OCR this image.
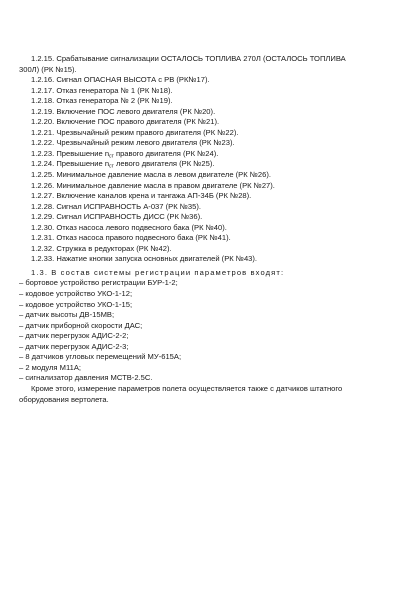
1.2.15. Срабатывание сигнализации ОСТАЛОСЬ ТОПЛИВА 270Л (ОСТАЛОСЬ ТОПЛИВА
300Л) (РК №15).
1.2.16. Сигнал ОПАСНАЯ ВЫСОТА с РВ (РК№17).
1.2.17. Отказ генератора № 1 (РК №18).
1.2.18. Отказ генератора № 2 (РК №19).
1.2.19. Включение ПОС левого двигателя (РК №20).
1.2.20. Включение ПОС правого двигателя (РК №21).
1.2.21. Чрезвычайный режим правого двигателя (РК №22).
1.2.22. Чрезвычайный режим левого двигателя (РК №23).
1.2.23. Превышение $n_{ст}$ правого двигателя (РК №24).
1.2.24. Превышение $n_{ст}$ левого двигателя (РК №25).
1.2.25. Минимальное давление масла в левом двигателе (РК №26).
1.2.26. Минимальное давление масла в правом двигателе (РК №27).
1.2.27. Включение каналов крена и тангажа АП-34Б (РК №28).
1.2.28. Сигнал ИСПРАВНОСТЬ А-037 (РК №35).
1.2.29. Сигнал ИСПРАВНОСТЬ ДИСС (РК №36).
1.2.30. Отказ насоса левого подвесного бака (РК №40).
1.2.31. Отказ насоса правого подвесного бака (РК №41).
1.2.32. Стружка в редукторах (РК №42).
1.2.33. Нажатие кнопки запуска основных двигателей (РК №43).
1.3. В состав системы регистрации параметров входят:
– бортовое устройство регистрации БУР-1-2;
– кодовое устройство УКО-1-12;
– кодовое устройство УКО-1-15;
– датчик высоты ДВ-15МВ;
– датчик приборной скорости ДАС;
– датчик перегрузок АДИС-2-2;
– датчик перегрузок АДИС-2-3;
– 8 датчиков угловых перемещений МУ-615А;
– 2 модуля М11А;
– сигнализатор давления МСТВ-2.5С.
Кроме этого, измерение параметров полета осуществляется также с датчиков штатного
оборудования вертолета.
